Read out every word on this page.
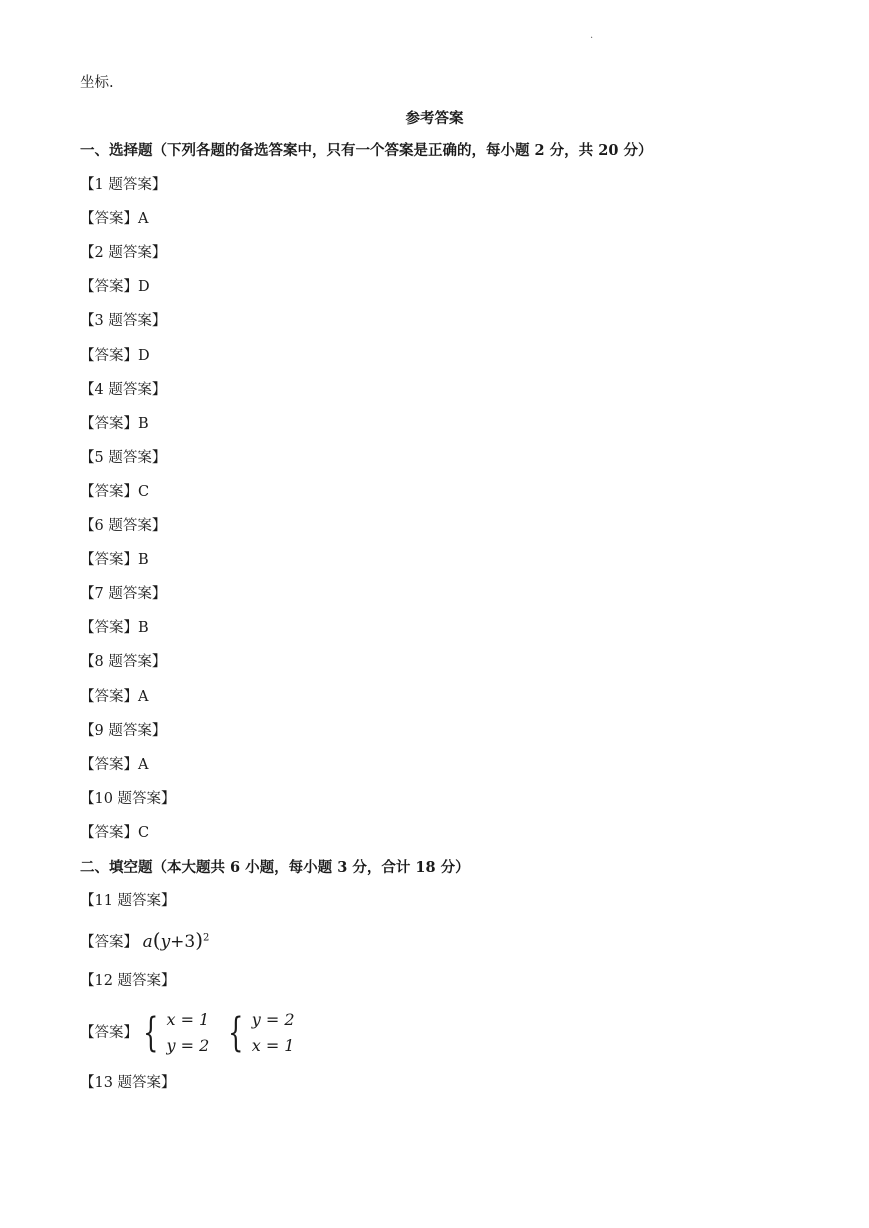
.
坐标.
参考答案
一、选择题（下列各题的备选答案中，只有一个答案是正确的，每小题 2 分，共 20 分）
【1 题答案】
【答案】A
【2 题答案】
【答案】D
【3 题答案】
【答案】D
【4 题答案】
【答案】B
【5 题答案】
【答案】C
【6 题答案】
【答案】B
【7 题答案】
【答案】B
【8 题答案】
【答案】A
【9 题答案】
【答案】A
【10 题答案】
【答案】C
二、填空题（本大题共 6 小题，每小题 3 分，合计 18 分）
【11 题答案】
【答案】 $a(y+3)^2$
【12 题答案】
【答案】 { x = 1
y = 2 { y = 2
x = 1
【13 题答案】
